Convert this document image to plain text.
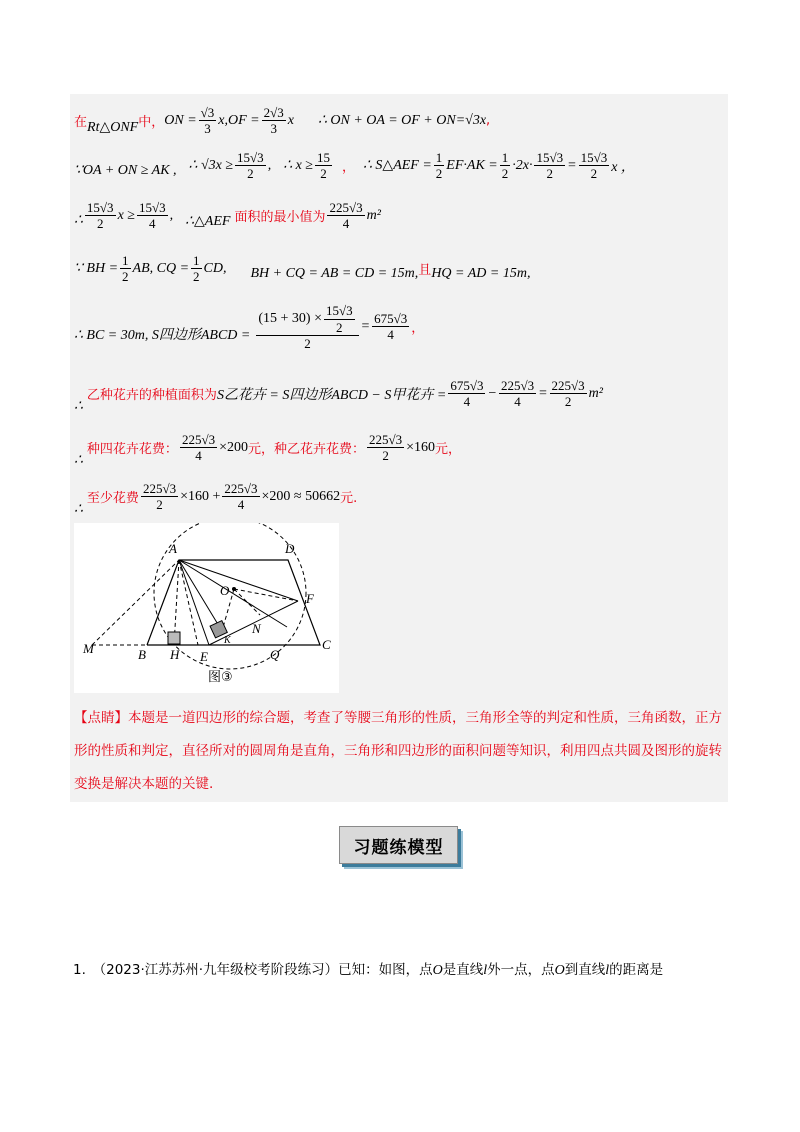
在 Rt△ONF 中， ON = $\frac{√3}{3}$ x $,OF = \frac{2√3}{3}$ x ∴ ON + OA = OF + ON=√3x ,
∵OA + ON ≥ AK , ∴ $√3x \ge \frac{15√3}{2}$ , ∴ $x \ge \frac{15}{2}$ ， ∴ S△AEF = $\frac{1}{2} EF\cdot AK = \frac{1}{2} \cdot 2x\cdot \frac{15√3}{2} = \frac{15√3}{2}$ x ，
∴ $\frac{15√3}{2}$ $x \ge \frac{15√3}{4}$ , ∴△AEF 面积的最小值为 $\frac{225√3}{4} m^2$
∵ BH = $\frac{1}{2}$ AB, CQ = $\frac{1}{2}$ CD, BH + CQ = AB = CD = 15m, 且 HQ = AD = 15m,
∴ BC = 30m, S四边形ABCD = $\frac{(15 + 30) \times \frac{15√3}{2}}{2} = \frac{675√3}{4}$ ，
∴
乙种花卉的种植面积为 S乙花卉 = S四边形ABCD − S甲花卉 = $\frac{675√3}{4} - \frac{225√3}{4} = \frac{225√3}{2} m^2$
∴
种四花卉花费： $\frac{225√3}{4} \times 200$ 元，种乙花卉花费： $\frac{225√3}{2} \times 160$ 元，
∴
至少花费 $\frac{225√3}{2} \times 160 + \frac{225√3}{4} \times 200 \approx 50662$ 元.
A	D
O
F
N
K
M	B H E	Q
C
图③
【点睛】本题是一道四边形的综合题，考查了等腰三角形的性质，三角形全等的判定和性质，三角函数，正方形的性质和判定，直径所对的圆周角是直角，三角形和四边形的面积问题等知识，利用四点共圆及图形的旋转变换是解决本题的关键.
习题练模型
1.　（2023·江苏苏州·九年级校考阶段练习）已知：如图，点O是直线l外一点，点O到直线l的距离是
